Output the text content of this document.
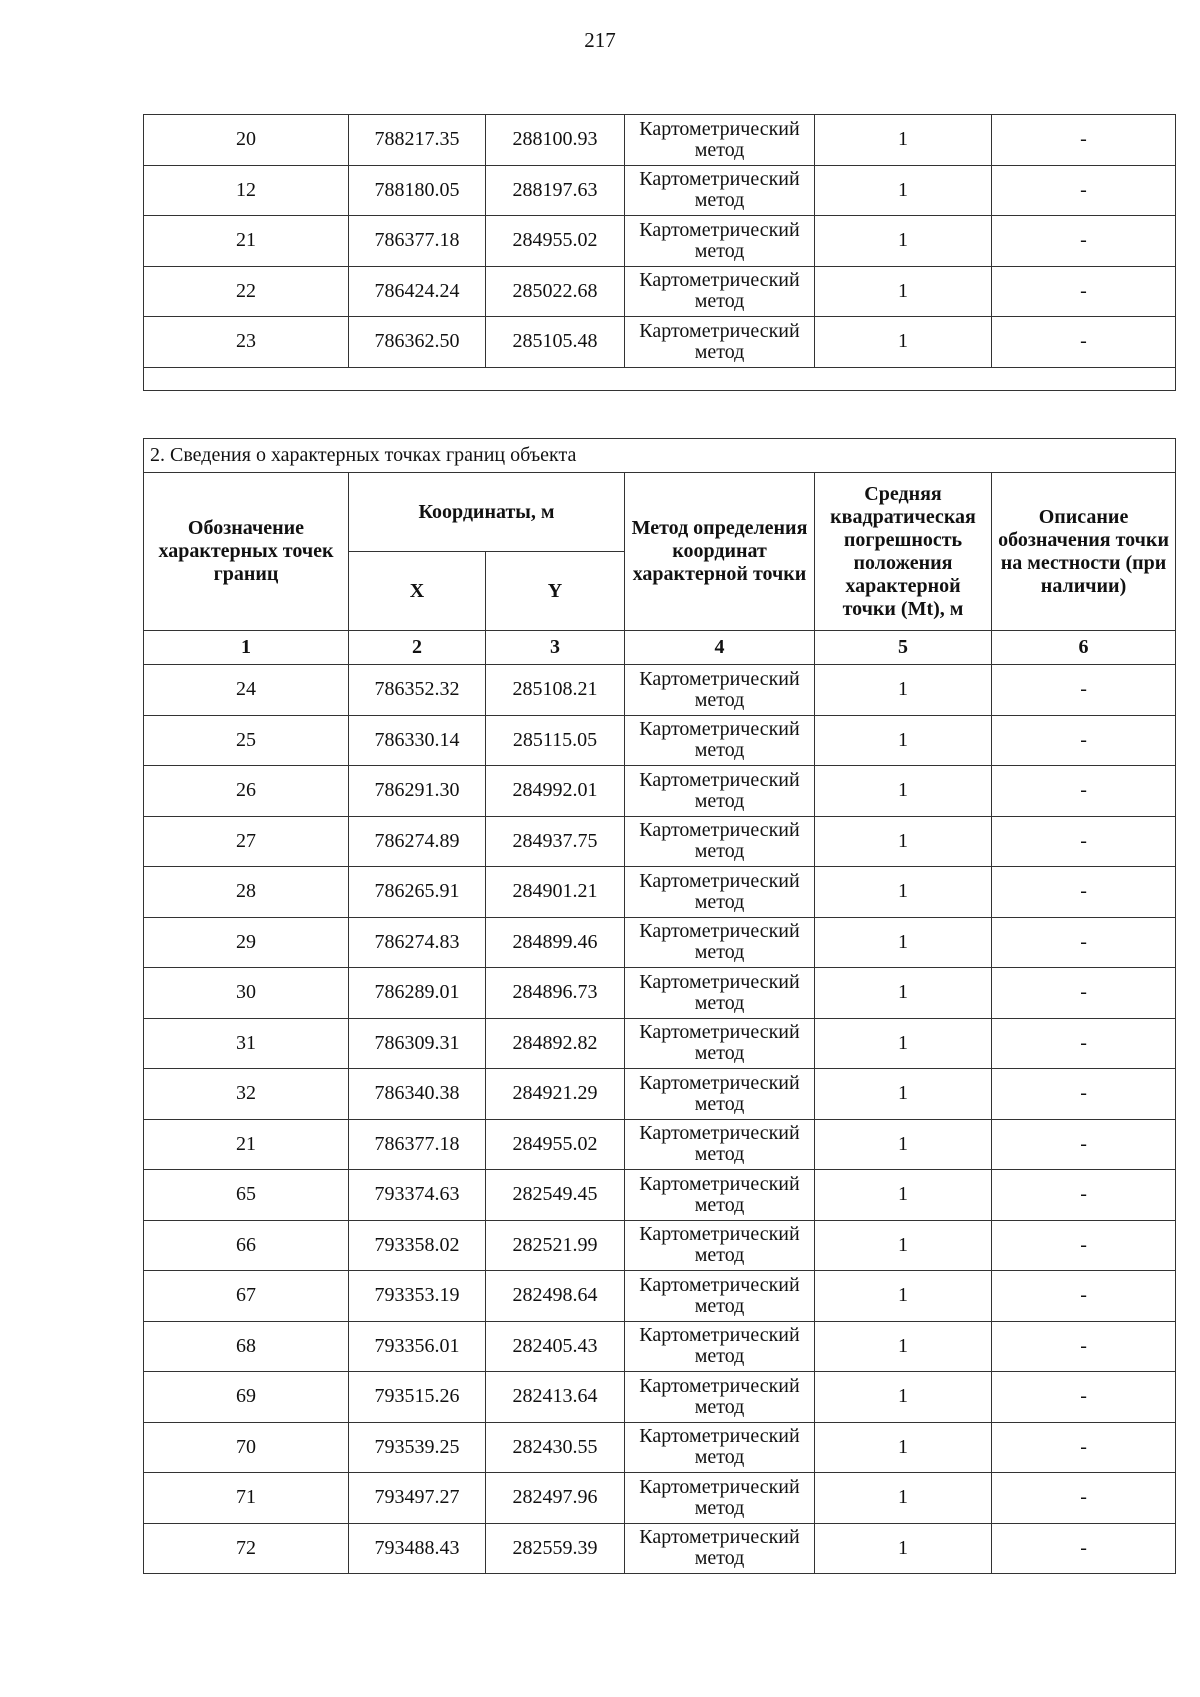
217
20	788217.35	288100.93	Картометрический метод	1	-
12	788180.05	288197.63	Картометрический метод	1	-
21	786377.18	284955.02	Картометрический метод	1	-
22	786424.24	285022.68	Картометрический метод	1	-
23	786362.50	285105.48	Картометрический метод	1	-

2. Сведения о характерных точках границ объекта					
Обозначение характерных точек границ	Координаты, м		Метод определения координат характерной точки	Средняя квадратическая погрешность положения характерной точки (Mt), м	Описание обозначения точки на местности (при наличии)
	X	Y			
1	2	3	4	5	6
24	786352.32	285108.21	Картометрический метод	1	-
25	786330.14	285115.05	Картометрический метод	1	-
26	786291.30	284992.01	Картометрический метод	1	-
27	786274.89	284937.75	Картометрический метод	1	-
28	786265.91	284901.21	Картометрический метод	1	-
29	786274.83	284899.46	Картометрический метод	1	-
30	786289.01	284896.73	Картометрический метод	1	-
31	786309.31	284892.82	Картометрический метод	1	-
32	786340.38	284921.29	Картометрический метод	1	-
21	786377.18	284955.02	Картометрический метод	1	-
65	793374.63	282549.45	Картометрический метод	1	-
66	793358.02	282521.99	Картометрический метод	1	-
67	793353.19	282498.64	Картометрический метод	1	-
68	793356.01	282405.43	Картометрический метод	1	-
69	793515.26	282413.64	Картометрический метод	1	-
70	793539.25	282430.55	Картометрический метод	1	-
71	793497.27	282497.96	Картометрический метод	1	-
72	793488.43	282559.39	Картометрический метод	1	-
